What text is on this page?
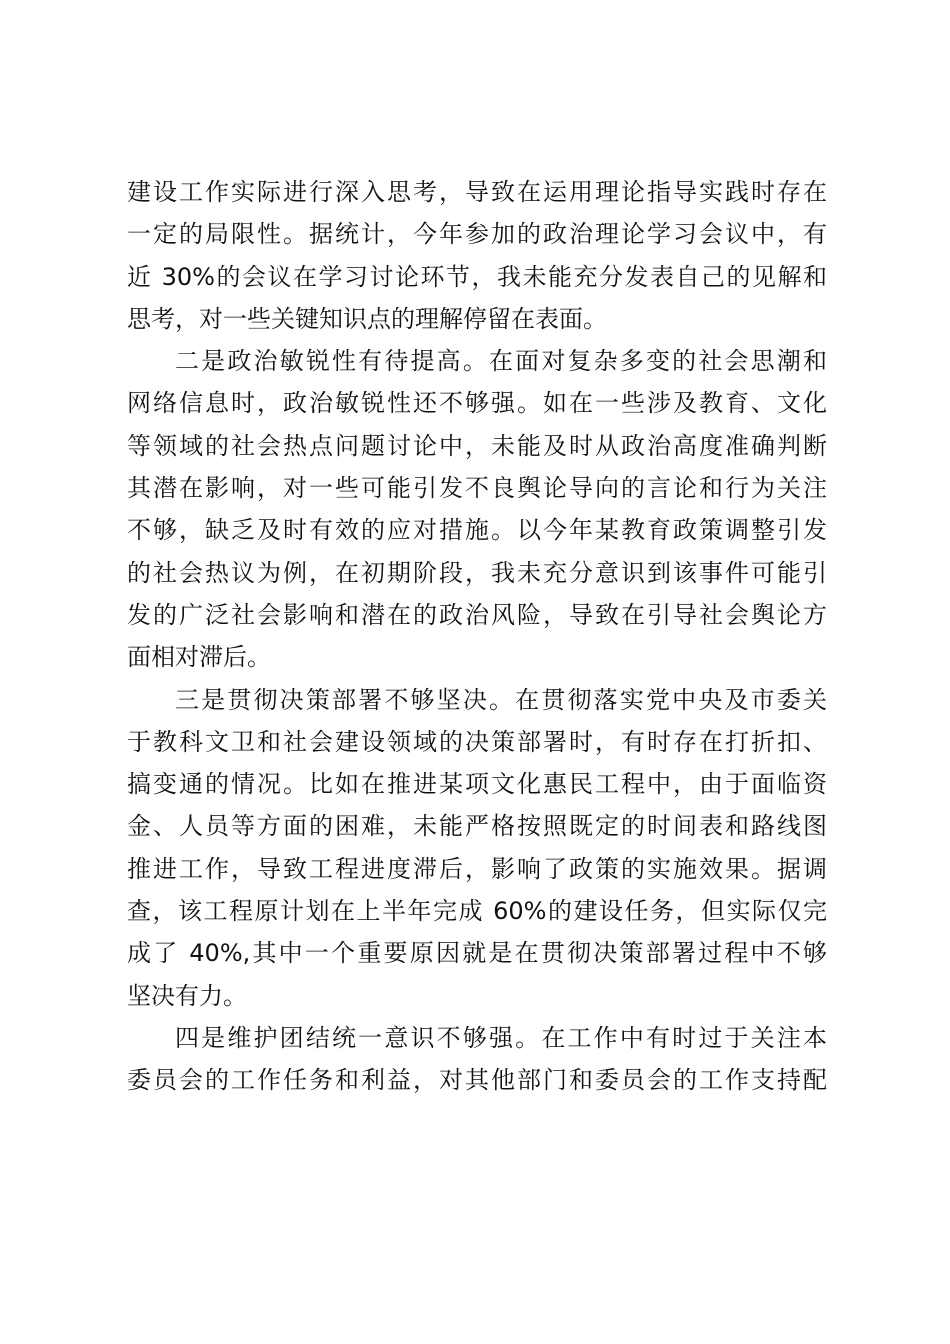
建设工作实际进行深入思考，导致在运用理论指导实践时存在
一定的局限性。据统计，今年参加的政治理论学习会议中，有
近 30%的会议在学习讨论环节，我未能充分发表自己的见解和
思考，对一些关键知识点的理解停留在表面。
二是政治敏锐性有待提高。在面对复杂多变的社会思潮和
网络信息时，政治敏锐性还不够强。如在一些涉及教育、文化
等领域的社会热点问题讨论中，未能及时从政治高度准确判断
其潜在影响，对一些可能引发不良舆论导向的言论和行为关注
不够，缺乏及时有效的应对措施。以今年某教育政策调整引发
的社会热议为例，在初期阶段，我未充分意识到该事件可能引
发的广泛社会影响和潜在的政治风险，导致在引导社会舆论方
面相对滞后。
三是贯彻决策部署不够坚决。在贯彻落实党中央及市委关
于教科文卫和社会建设领域的决策部署时，有时存在打折扣、
搞变通的情况。比如在推进某项文化惠民工程中，由于面临资
金、人员等方面的困难，未能严格按照既定的时间表和路线图
推进工作，导致工程进度滞后，影响了政策的实施效果。据调
查，该工程原计划在上半年完成 60%的建设任务，但实际仅完
成了 40%,其中一个重要原因就是在贯彻决策部署过程中不够
坚决有力。
四是维护团结统一意识不够强。在工作中有时过于关注本
委员会的工作任务和利益，对其他部门和委员会的工作支持配
